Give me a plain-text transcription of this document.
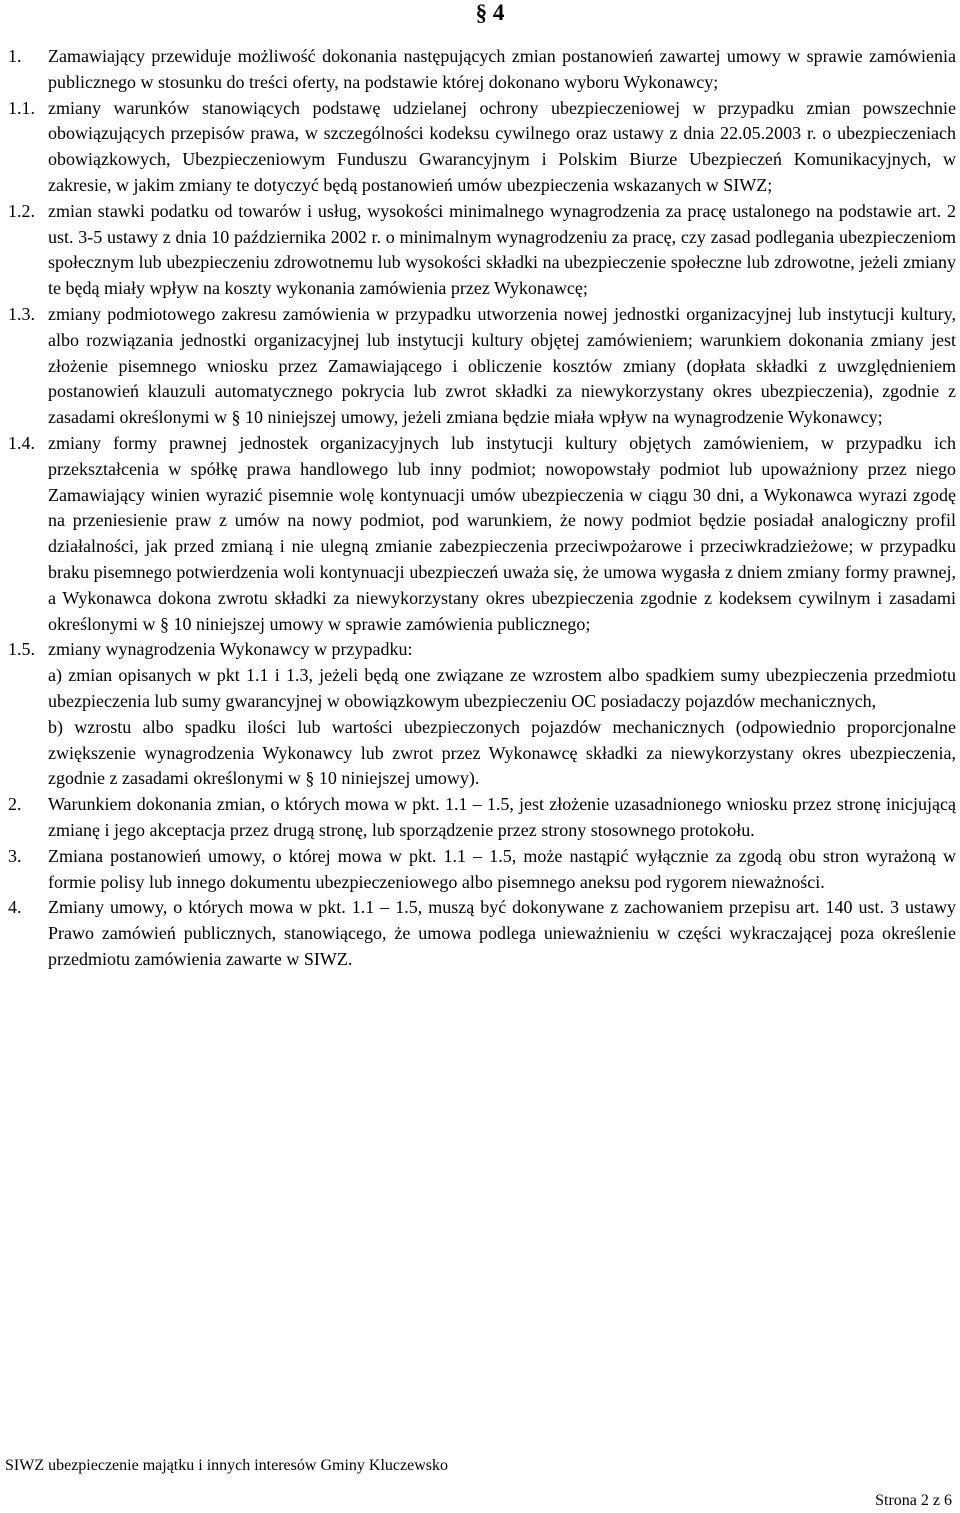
§ 4
1. Zamawiający przewiduje możliwość dokonania następujących zmian postanowień zawartej umowy w sprawie zamówienia publicznego w stosunku do treści oferty, na podstawie której dokonano wyboru Wykonawcy;
1.1. zmiany warunków stanowiących podstawę udzielanej ochrony ubezpieczeniowej w przypadku zmian powszechnie obowiązujących przepisów prawa, w szczególności kodeksu cywilnego oraz ustawy z dnia 22.05.2003 r. o ubezpieczeniach obowiązkowych, Ubezpieczeniowym Funduszu Gwarancyjnym i Polskim Biurze Ubezpieczeń Komunikacyjnych, w zakresie, w jakim zmiany te dotyczyć będą postanowień umów ubezpieczenia wskazanych w SIWZ;
1.2. zmian stawki podatku od towarów i usług, wysokości minimalnego wynagrodzenia za pracę ustalonego na podstawie art. 2 ust. 3-5 ustawy z dnia 10 października 2002 r. o minimalnym wynagrodzeniu za pracę, czy zasad podlegania ubezpieczeniom społecznym lub ubezpieczeniu zdrowotnemu lub wysokości składki na ubezpieczenie społeczne lub zdrowotne, jeżeli zmiany te będą miały wpływ na koszty wykonania zamówienia przez Wykonawcę;
1.3. zmiany podmiotowego zakresu zamówienia w przypadku utworzenia nowej jednostki organizacyjnej lub instytucji kultury, albo rozwiązania jednostki organizacyjnej lub instytucji kultury objętej zamówieniem; warunkiem dokonania zmiany jest złożenie pisemnego wniosku przez Zamawiającego i obliczenie kosztów zmiany (dopłata składki z uwzględnieniem postanowień klauzuli automatycznego pokrycia lub zwrot składki za niewykorzystany okres ubezpieczenia), zgodnie z zasadami określonymi w § 10 niniejszej umowy, jeżeli zmiana będzie miała wpływ na wynagrodzenie Wykonawcy;
1.4. zmiany formy prawnej jednostek organizacyjnych lub instytucji kultury objętych zamówieniem, w przypadku ich przekształcenia w spółkę prawa handlowego lub inny podmiot; nowopowstały podmiot lub upoważniony przez niego Zamawiający winien wyrazić pisemnie wolę kontynuacji umów ubezpieczenia w ciągu 30 dni, a Wykonawca wyrazi zgodę na przeniesienie praw z umów na nowy podmiot, pod warunkiem, że nowy podmiot będzie posiadał analogiczny profil działalności, jak przed zmianą i nie ulegną zmianie zabezpieczenia przeciwpożarowe i przeciwkradzieżowe; w przypadku braku pisemnego potwierdzenia woli kontynuacji ubezpieczeń uważa się, że umowa wygasła z dniem zmiany formy prawnej, a Wykonawca dokona zwrotu składki za niewykorzystany okres ubezpieczenia zgodnie z kodeksem cywilnym i zasadami określonymi w § 10 niniejszej umowy w sprawie zamówienia publicznego;
1.5. zmiany wynagrodzenia Wykonawcy w przypadku:
a) zmian opisanych w pkt 1.1 i 1.3, jeżeli będą one związane ze wzrostem albo spadkiem sumy ubezpieczenia przedmiotu ubezpieczenia lub sumy gwarancyjnej w obowiązkowym ubezpieczeniu OC posiadaczy pojazdów mechanicznych,
b) wzrostu albo spadku ilości lub wartości ubezpieczonych pojazdów mechanicznych (odpowiednio proporcjonalne zwiększenie wynagrodzenia Wykonawcy lub zwrot przez Wykonawcę składki za niewykorzystany okres ubezpieczenia, zgodnie z zasadami określonymi w § 10 niniejszej umowy).
2. Warunkiem dokonania zmian, o których mowa w pkt. 1.1 – 1.5, jest złożenie uzasadnionego wniosku przez stronę inicjującą zmianę i jego akceptacja przez drugą stronę, lub sporządzenie przez strony stosownego protokołu.
3. Zmiana postanowień umowy, o której mowa w pkt. 1.1 – 1.5, może nastąpić wyłącznie za zgodą obu stron wyrażoną w formie polisy lub innego dokumentu ubezpieczeniowego albo pisemnego aneksu pod rygorem nieważności.
4. Zmiany umowy, o których mowa w pkt. 1.1 – 1.5, muszą być dokonywane z zachowaniem przepisu art. 140 ust. 3 ustawy Prawo zamówień publicznych, stanowiącego, że umowa podlega unieważnieniu w części wykraczającej poza określenie przedmiotu zamówienia zawarte w SIWZ.
SIWZ ubezpieczenie majątku i innych interesów Gminy Kluczewsko
Strona 2 z 6
